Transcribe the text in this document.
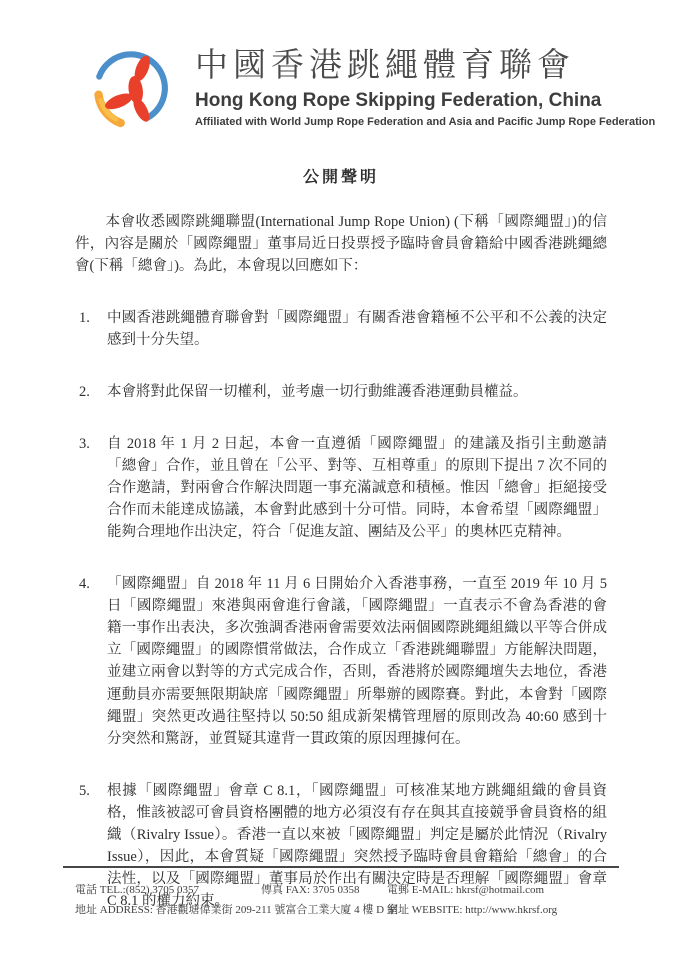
中國香港跳繩體育聯會
Hong Kong Rope Skipping Federation, China
Affiliated with World Jump Rope Federation and Asia and Pacific Jump Rope Federation
公開聲明

本會收悉國際跳繩聯盟(International Jump Rope Union) (下稱「國際繩盟」)的信件，內容是關於「國際繩盟」董事局近日投票授予臨時會員會籍給中國香港跳繩總會(下稱「總會」)。為此，本會現以回應如下：

1.	中國香港跳繩體育聯會對「國際繩盟」有關香港會籍極不公平和不公義的決定感到十分失望。
2.	本會將對此保留一切權利，並考慮一切行動維護香港運動員權益。
3.	自 2018 年 1 月 2 日起，本會一直遵循「國際繩盟」的建議及指引主動邀請「總會」合作，並且曾在「公平、對等、互相尊重」的原則下提出 7 次不同的合作邀請，對兩會合作解決問題一事充滿誠意和積極。惟因「總會」拒絕接受合作而未能達成協議，本會對此感到十分可惜。同時，本會希望「國際繩盟」能夠合理地作出決定，符合「促進友誼、團結及公平」的奧林匹克精神。
4.	「國際繩盟」自 2018 年 11 月 6 日開始介入香港事務，一直至 2019 年 10 月 5 日「國際繩盟」來港與兩會進行會議，「國際繩盟」一直表示不會為香港的會籍一事作出表決，多次強調香港兩會需要效法兩個國際跳繩組織以平等合併成立「國際繩盟」的國際慣常做法，合作成立「香港跳繩聯盟」方能解決問題，並建立兩會以對等的方式完成合作，否則，香港將於國際繩壇失去地位，香港運動員亦需要無限期缺席「國際繩盟」所舉辦的國際賽。對此，本會對「國際繩盟」突然更改過往堅持以 50:50 組成新架構管理層的原則改為 40:60 感到十分突然和驚訝，並質疑其違背一貫政策的原因理據何在。
5.	根據「國際繩盟」會章 C 8.1，「國際繩盟」可核准某地方跳繩組織的會員資格，惟該被認可會員資格團體的地方必須沒有存在與其直接競爭會員資格的組織（Rivalry Issue）。香港一直以來被「國際繩盟」判定是屬於此情況（Rivalry Issue），因此，本會質疑「國際繩盟」突然授予臨時會員會籍給「總會」的合法性，以及「國際繩盟」董事局於作出有關決定時是否理解「國際繩盟」會章 C 8.1 的權力約束。
電話 TEL.:(852) 3705 0357	傳真 FAX: 3705 0358	電郵 E-MAIL: hkrsf@hotmail.com
地址 ADDRESS: 香港觀塘偉業街 209-211 號富合工業大廈 4 樓 D 室
網址 WEBSITE: http://www.hkrsf.org
